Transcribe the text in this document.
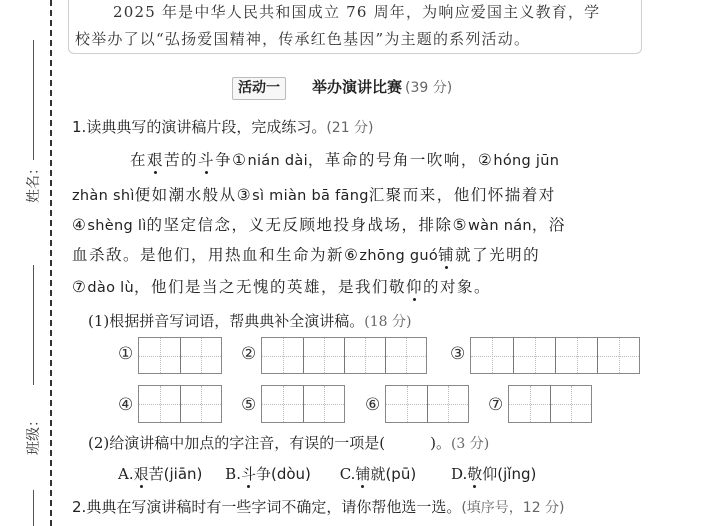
姓名：
班级：
2025 年是中华人民共和国成立 76 周年，为响应爱国主义教育，学
校举办了以“弘扬爱国精神，传承红色基因”为主题的系列活动。
活动一	举办演讲比赛 (39 分)
1.读典典写的演讲稿片段，完成练习。(21 分)
在艰苦的斗争①nián dài，革命的号角一吹响，②hóng jūn
zhàn shì便如潮水般从③sì miàn bā fāng汇聚而来，他们怀揣着对
④shèng lì的坚定信念，义无反顾地投身战场，排除⑤wàn nán，浴
血杀敌。是他们，用热血和生命为新⑥zhōng guó铺就了光明的
⑦dào lù，他们是当之无愧的英雄，是我们敬仰的对象。
(1)根据拼音写词语，帮典典补全演讲稿。(18 分)
①	②	③
④	⑤	⑥	⑦
(2)给演讲稿中加点的字注音，有误的一项是(　　　)。(3 分)
A.艰苦(jiān) B.斗争(dòu) C.铺就(pū) D.敬仰(jǐng)
2.典典在写演讲稿时有一些字词不确定，请你帮他选一选。(填序号，12 分)
